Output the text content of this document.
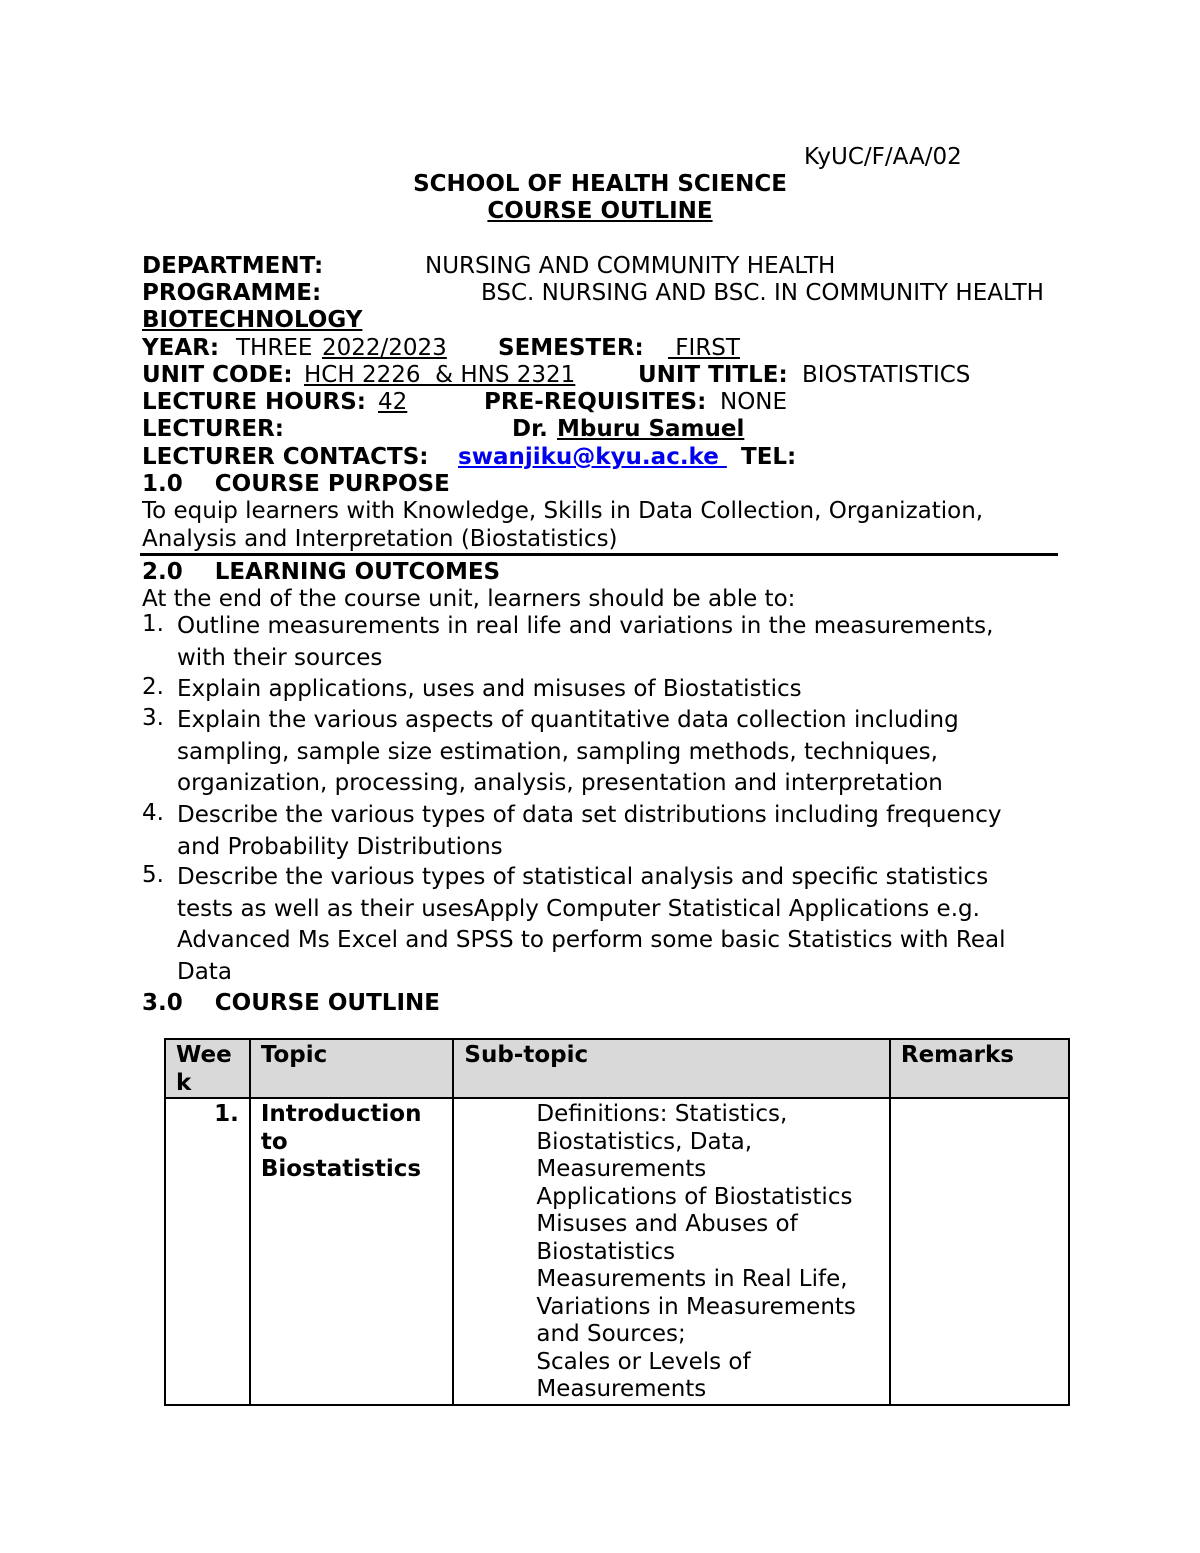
KyUC/F/AA/02
SCHOOL OF HEALTH SCIENCE
COURSE OUTLINE
DEPARTMENT:	NURSING AND COMMUNITY HEALTH
PROGRAMME:	BSC. NURSING AND BSC. IN COMMUNITY HEALTH
BIOTECHNOLOGY
YEAR: THREE 2022/2023 SEMESTER: FIRST
UNIT CODE: HCH 2226  & HNS 2321	UNIT TITLE: BIOSTATISTICS
LECTURE HOURS: 42	PRE-REQUISITES: NONE
LECTURER:	Dr. Mburu Samuel
LECTURER CONTACTS: swanjiku@kyu.ac.ke TEL:
1.0    COURSE PURPOSE
To equip learners with Knowledge, Skills in Data Collection, Organization,
Analysis and Interpretation (Biostatistics)
2.0    LEARNING OUTCOMES
At the end of the course unit, learners should be able to:
1. Outline measurements in real life and variations in the measurements, with their sources
2. Explain applications, uses and misuses of Biostatistics
3. Explain the various aspects of quantitative data collection including sampling, sample size estimation, sampling methods, techniques, organization, processing, analysis, presentation and interpretation
4. Describe the various types of data set distributions including frequency and Probability Distributions
5. Describe the various types of statistical analysis and specific statistics tests as well as their usesApply Computer Statistical Applications e.g. Advanced Ms Excel and SPSS to perform some basic Statistics with Real Data
3.0    COURSE OUTLINE
Wee k	Topic	Sub-topic	Remarks
1.	Introduction to Biostatistics	Definitions: Statistics, Biostatistics, Data, Measurements
Applications of Biostatistics
Misuses and Abuses of Biostatistics
Measurements in Real Life, Variations in Measurements and Sources;
Scales or Levels of Measurements	
